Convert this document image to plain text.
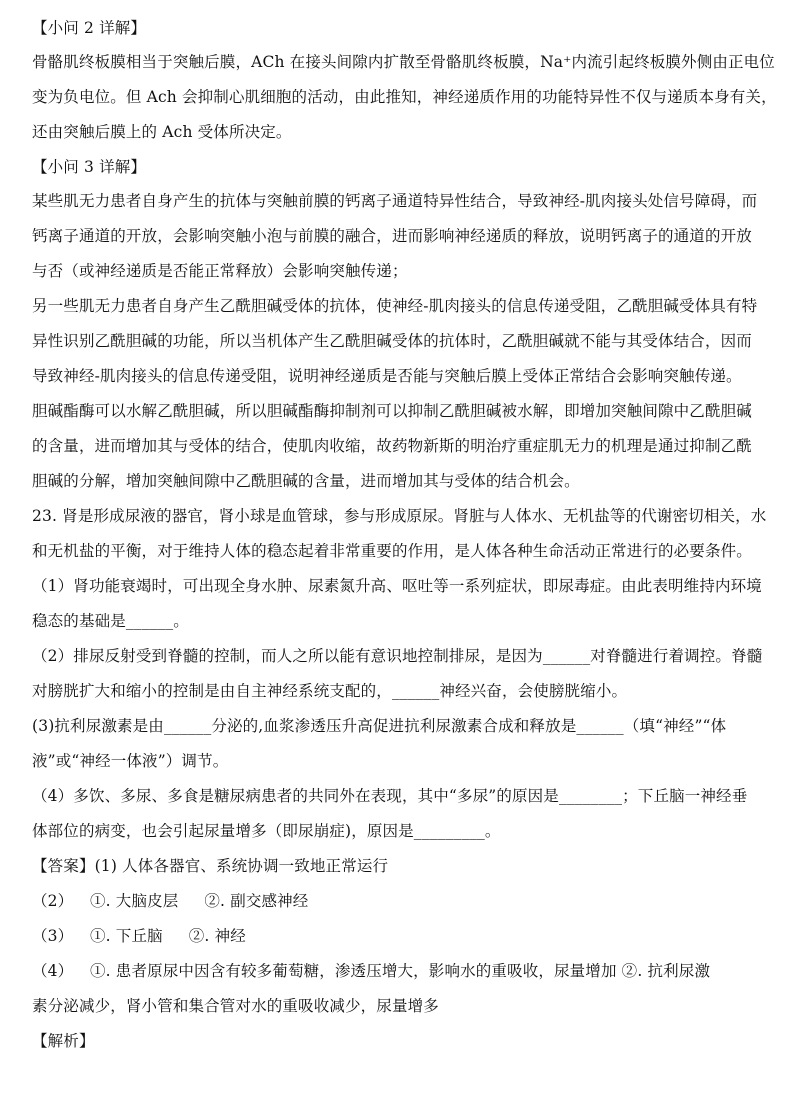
【小问 2 详解】

骨骼肌终板膜相当于突触后膜，ACh 在接头间隙内扩散至骨骼肌终板膜，Na⁺内流引起终板膜外侧由正电位

变为负电位。但 Ach 会抑制心肌细胞的活动，由此推知，神经递质作用的功能特异性不仅与递质本身有关，

还由突触后膜上的 Ach 受体所决定。

【小问 3 详解】

某些肌无力患者自身产生的抗体与突触前膜的钙离子通道特异性结合，导致神经-肌肉接头处信号障碍，而

钙离子通道的开放，会影响突触小泡与前膜的融合，进而影响神经递质的释放，说明钙离子的通道的开放

与否（或神经递质是否能正常释放）会影响突触传递；

另一些肌无力患者自身产生乙酰胆碱受体的抗体，使神经-肌肉接头的信息传递受阻，乙酰胆碱受体具有特

异性识别乙酰胆碱的功能，所以当机体产生乙酰胆碱受体的抗体时，乙酰胆碱就不能与其受体结合，因而

导致神经-肌肉接头的信息传递受阻，说明神经递质是否能与突触后膜上受体正常结合会影响突触传递。

胆碱酯酶可以水解乙酰胆碱，所以胆碱酯酶抑制剂可以抑制乙酰胆碱被水解，即增加突触间隙中乙酰胆碱

的含量，进而增加其与受体的结合，使肌肉收缩，故药物新斯的明治疗重症肌无力的机理是通过抑制乙酰

胆碱的分解，增加突触间隙中乙酰胆碱的含量，进而增加其与受体的结合机会。

23. 肾是形成尿液的器官，肾小球是血管球，参与形成原尿。肾脏与人体水、无机盐等的代谢密切相关，水

和无机盐的平衡，对于维持人体的稳态起着非常重要的作用，是人体各种生命活动正常进行的必要条件。

（1）肾功能衰竭时，可出现全身水肿、尿素氮升高、呕吐等一系列症状，即尿毒症。由此表明维持内环境

稳态的基础是______。

（2）排尿反射受到脊髓的控制，而人之所以能有意识地控制排尿，是因为______对脊髓进行着调控。脊髓

对膀胱扩大和缩小的控制是由自主神经系统支配的，______神经兴奋，会使膀胱缩小。

(3)抗利尿激素是由______分泌的,血浆渗透压升高促进抗利尿激素合成和释放是______（填“神经”“体

液”或“神经一体液”）调节。

（4）多饮、多尿、多食是糖尿病患者的共同外在表现，其中“多尿”的原因是________；下丘脑一神经垂

体部位的病变，也会引起尿量增多（即尿崩症)，原因是_________。

【答案】(1) 人体各器官、系统协调一致地正常运行

（2）	①. 大脑皮层 ②. 副交感神经

（3）	①. 下丘脑 ②. 神经

（4）	①. 患者原尿中因含有较多葡萄糖，渗透压增大，影响水的重吸收，尿量增加 ②. 抗利尿激

素分泌减少，肾小管和集合管对水的重吸收减少，尿量增多

【解析】
